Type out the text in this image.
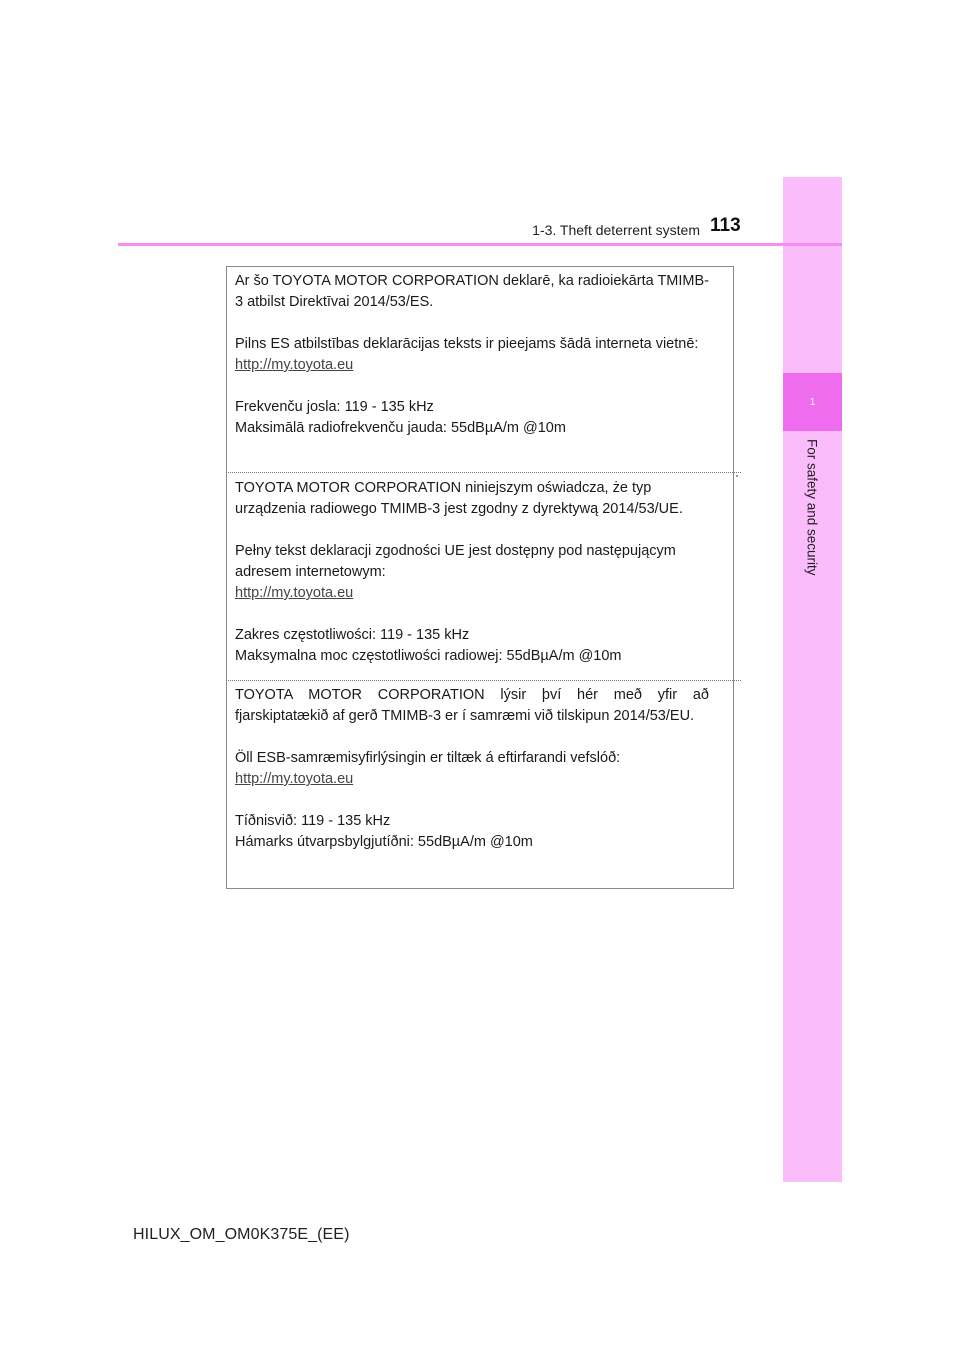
1
For safety and security
1-3. Theft deterrent system 113

Ar šo TOYOTA MOTOR CORPORATION deklarē, ka radioiekārta TMIMB-3 atbilst Direktīvai 2014/53/ES.

Pilns ES atbilstības deklarācijas teksts ir pieejams šādā interneta vietnē:
http://my.toyota.eu

Frekvenču josla: 119 - 135 kHz
Maksimālā radiofrekvenču jauda: 55dBµA/m @10m

TOYOTA MOTOR CORPORATION niniejszym oświadcza, że typ urządzenia radiowego TMIMB-3 jest zgodny z dyrektywą 2014/53/UE.

Pełny tekst deklaracji zgodności UE jest dostępny pod następującym adresem internetowym:
http://my.toyota.eu

Zakres częstotliwości: 119 - 135 kHz
Maksymalna moc częstotliwości radiowej: 55dBµA/m @10m

TOYOTA MOTOR CORPORATION lýsir því hér með yfir að fjarskiptatækið af gerð TMIMB-3 er í samræmi við tilskipun 2014/53/EU.

Öll ESB-samræmisyfirlýsingin er tiltæk á eftirfarandi vefslóð:
http://my.toyota.eu

Tíðnisvið: 119 - 135 kHz
Hámarks útvarpsbylgjutíðni: 55dBµA/m @10m

HILUX_OM_OM0K375E_(EE)
